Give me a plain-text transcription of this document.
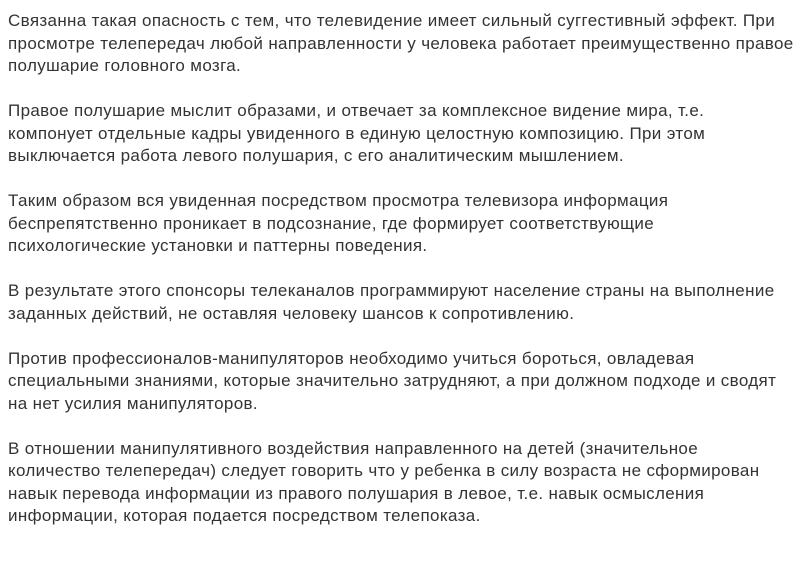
Связанна такая опасность с тем, что телевидение имеет сильный суггестивный эффект. При просмотре телепередач любой направленности у человека работает преимущественно правое полушарие головного мозга.

Правое полушарие мыслит образами, и отвечает за комплексное видение мира, т.е. компонует отдельные кадры увиденного в единую целостную композицию. При этом выключается работа левого полушария, с его аналитическим мышлением.

Таким образом вся увиденная посредством просмотра телевизора информация беспрепятственно проникает в подсознание, где формирует соответствующие психологические установки и паттерны поведения.

В результате этого спонсоры телеканалов программируют население страны на выполнение заданных действий, не оставляя человеку шансов к сопротивлению.

Против профессионалов-манипуляторов необходимо учиться бороться, овладевая специальными знаниями, которые значительно затрудняют, а при должном подходе и сводят на нет усилия манипуляторов.

В отношении манипулятивного воздействия направленного на детей (значительное количество телепередач) следует говорить что у ребенка в силу возраста не сформирован навык перевода информации из правого полушария в левое, т.е. навык осмысления информации, которая подается посредством телепоказа.
